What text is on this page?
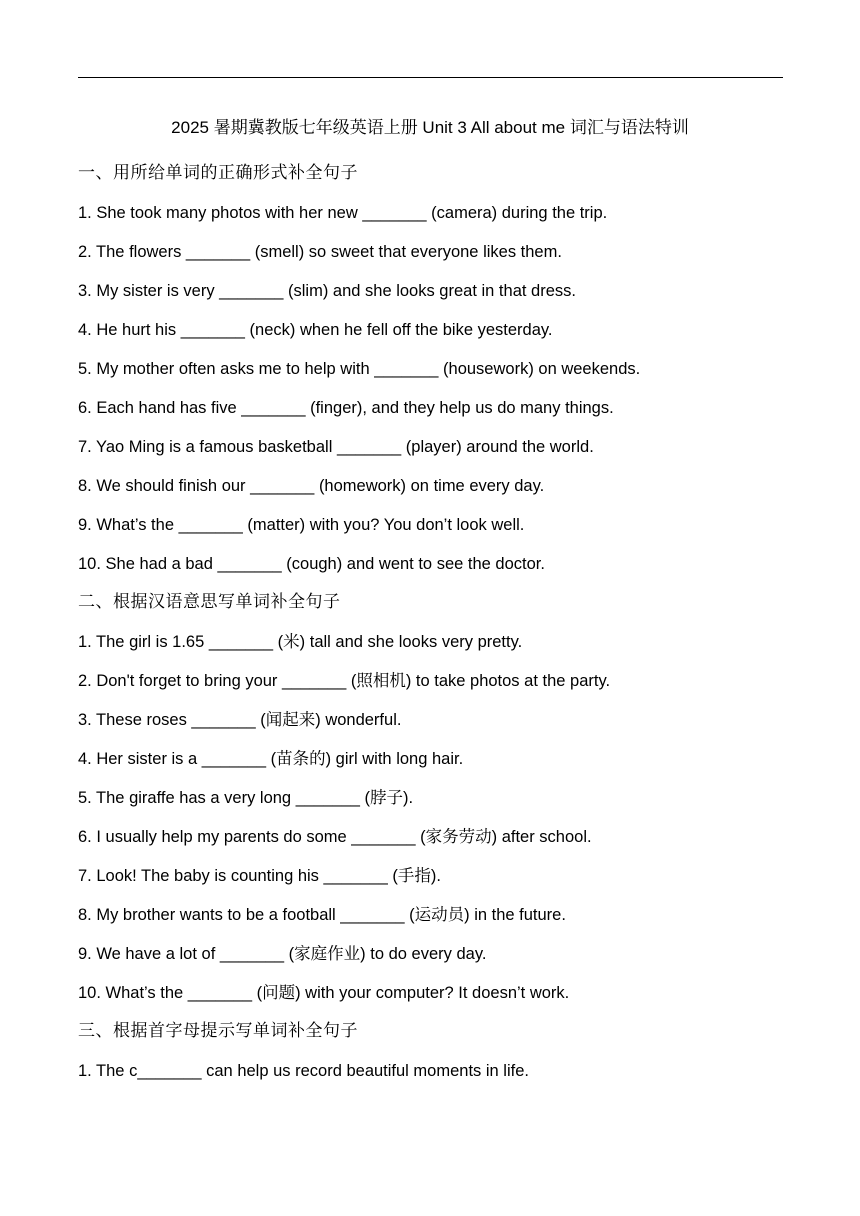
2025 暑期冀教版七年级英语上册 Unit 3 All about me 词汇与语法特训
一、用所给单词的正确形式补全句子
1. She took many photos with her new _______ (camera) during the trip.
2. The flowers _______ (smell) so sweet that everyone likes them.
3. My sister is very _______ (slim) and she looks great in that dress.
4. He hurt his _______ (neck) when he fell off the bike yesterday.
5. My mother often asks me to help with _______ (housework) on weekends.
6. Each hand has five _______ (finger), and they help us do many things.
7. Yao Ming is a famous basketball _______ (player) around the world.
8. We should finish our _______ (homework) on time every day.
9. What’s the _______ (matter) with you? You don’t look well.
10. She had a bad _______ (cough) and went to see the doctor.
二、根据汉语意思写单词补全句子
1. The girl is 1.65 _______ (米) tall and she looks very pretty.
2. Don't forget to bring your _______ (照相机) to take photos at the party.
3. These roses _______ (闻起来) wonderful.
4. Her sister is a _______ (苗条的) girl with long hair.
5. The giraffe has a very long _______ (脖子).
6. I usually help my parents do some _______ (家务劳动) after school.
7. Look! The baby is counting his _______ (手指).
8. My brother wants to be a football _______ (运动员) in the future.
9. We have a lot of _______ (家庭作业) to do every day.
10. What’s the _______ (问题) with your computer? It doesn’t work.
三、根据首字母提示写单词补全句子
1. The c_______ can help us record beautiful moments in life.
